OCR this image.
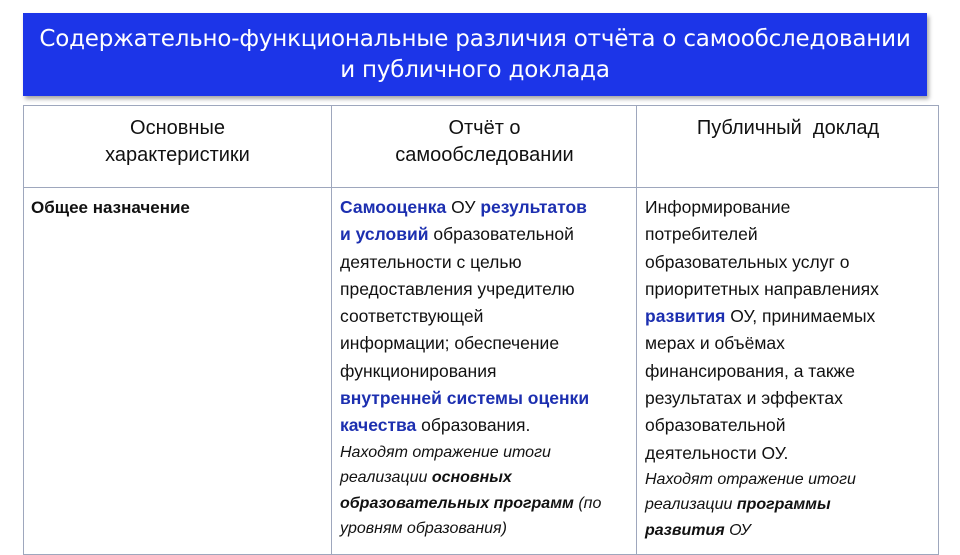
Содержательно-функциональные различия отчёта о самообследовании
и публичного доклада
Основные
характеристики
Общее назначение
Отчёт о
самообследовании
Самооценка ОУ результатов
и условий образовательной
деятельности с целью
предоставления учредителю
соответствующей
информации; обеспечение
функционирования
внутренней системы оценки
качества образования.
Находят отражение итоги
реализации основных
образовательных программ (по
уровням образования)
Публичный  доклад
Информирование
потребителей
образовательных услуг о
приоритетных направлениях
развития ОУ, принимаемых
мерах и объёмах
финансирования, а также
результатах и эффектах
образовательной
деятельности ОУ.
Находят отражение итоги
реализации программы
развития ОУ
